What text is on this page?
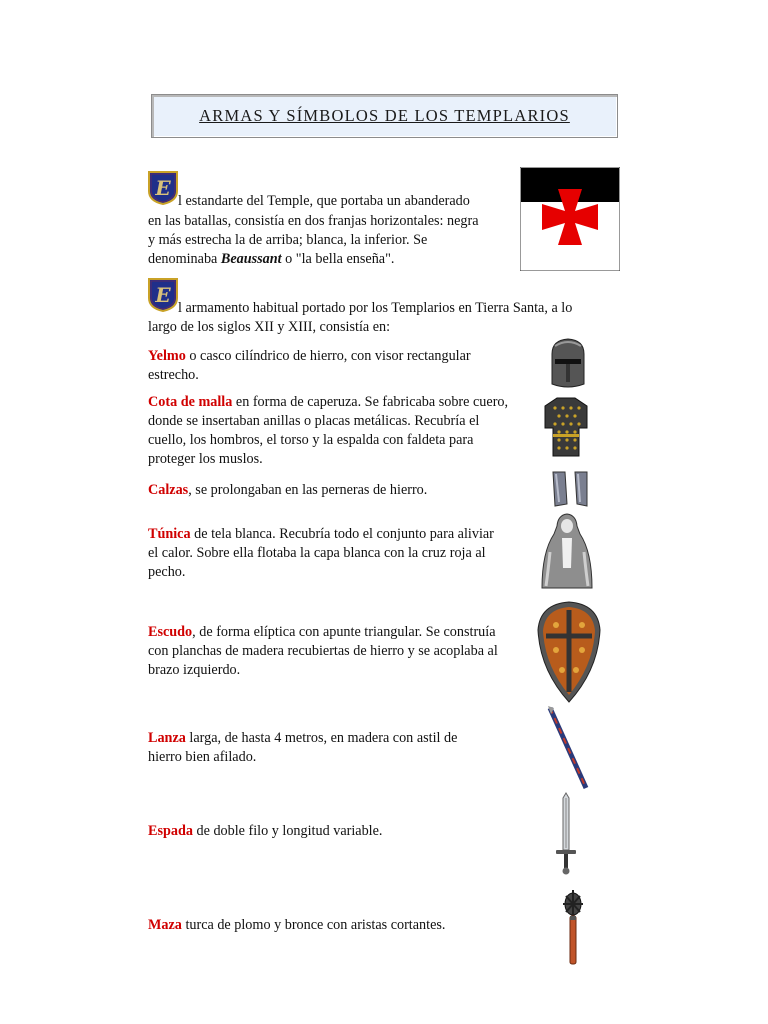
ARMAS Y SÍMBOLOS DE LOS TEMPLARIOS
E
l estandarte del Temple, que portaba un abanderado
en las batallas, consistía en dos franjas horizontales: negra
y más estrecha la de arriba; blanca, la inferior. Se
denominaba Beaussant o "la bella enseña".
E
l armamento habitual portado por los Templarios en Tierra Santa, a lo
largo de los siglos XII y XIII, consistía en:
Yelmo o casco cilíndrico de hierro, con visor rectangular estrecho.
Cota de malla en forma de caperuza. Se fabricaba sobre cuero, donde se insertaban anillas o placas metálicas. Recubría el cuello, los hombros, el torso y la espalda con faldeta para proteger los muslos.
Calzas, se prolongaban en las perneras de hierro.
Túnica de tela blanca. Recubría todo el conjunto para aliviar el calor. Sobre ella flotaba la capa blanca con la cruz roja al pecho.
Escudo, de forma elíptica con apunte triangular. Se construía con planchas de madera recubiertas de hierro y se acoplaba al brazo izquierdo.
Lanza larga, de hasta 4 metros, en madera con astil de hierro bien afilado.
Espada de doble filo y longitud variable.
Maza turca de plomo y bronce con aristas cortantes.
